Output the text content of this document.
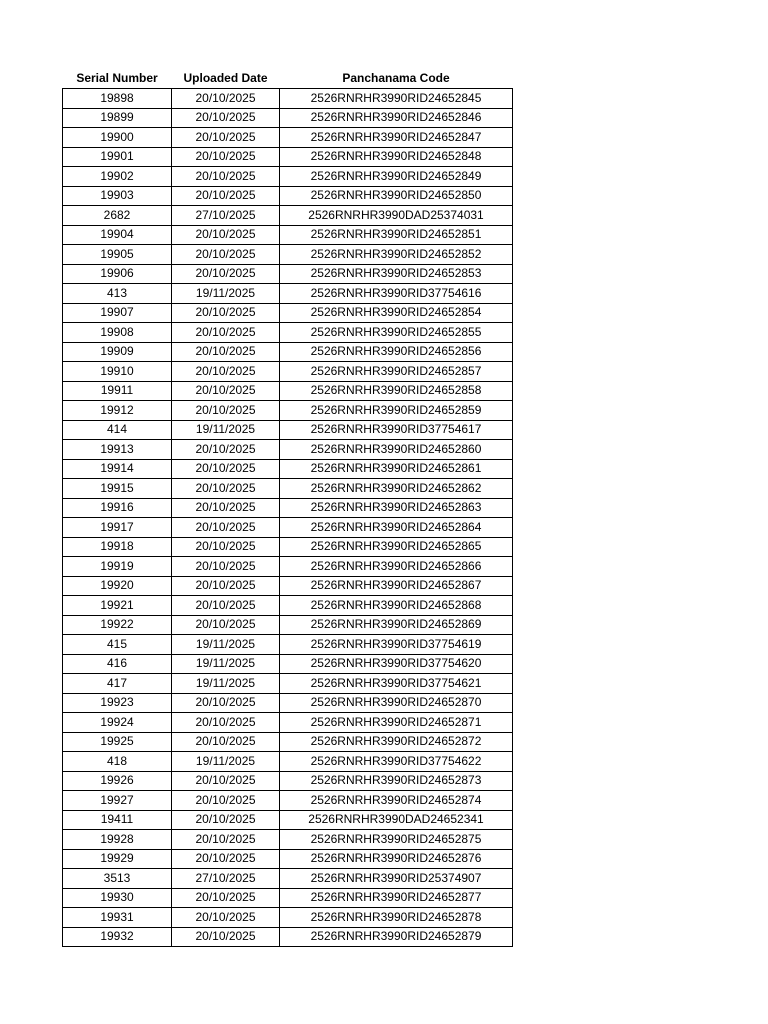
Serial Number	Uploaded Date	Panchanama Code
19898	20/10/2025	2526RNRHR3990RID24652845
19899	20/10/2025	2526RNRHR3990RID24652846
19900	20/10/2025	2526RNRHR3990RID24652847
19901	20/10/2025	2526RNRHR3990RID24652848
19902	20/10/2025	2526RNRHR3990RID24652849
19903	20/10/2025	2526RNRHR3990RID24652850
2682	27/10/2025	2526RNRHR3990DAD25374031
19904	20/10/2025	2526RNRHR3990RID24652851
19905	20/10/2025	2526RNRHR3990RID24652852
19906	20/10/2025	2526RNRHR3990RID24652853
413	19/11/2025	2526RNRHR3990RID37754616
19907	20/10/2025	2526RNRHR3990RID24652854
19908	20/10/2025	2526RNRHR3990RID24652855
19909	20/10/2025	2526RNRHR3990RID24652856
19910	20/10/2025	2526RNRHR3990RID24652857
19911	20/10/2025	2526RNRHR3990RID24652858
19912	20/10/2025	2526RNRHR3990RID24652859
414	19/11/2025	2526RNRHR3990RID37754617
19913	20/10/2025	2526RNRHR3990RID24652860
19914	20/10/2025	2526RNRHR3990RID24652861
19915	20/10/2025	2526RNRHR3990RID24652862
19916	20/10/2025	2526RNRHR3990RID24652863
19917	20/10/2025	2526RNRHR3990RID24652864
19918	20/10/2025	2526RNRHR3990RID24652865
19919	20/10/2025	2526RNRHR3990RID24652866
19920	20/10/2025	2526RNRHR3990RID24652867
19921	20/10/2025	2526RNRHR3990RID24652868
19922	20/10/2025	2526RNRHR3990RID24652869
415	19/11/2025	2526RNRHR3990RID37754619
416	19/11/2025	2526RNRHR3990RID37754620
417	19/11/2025	2526RNRHR3990RID37754621
19923	20/10/2025	2526RNRHR3990RID24652870
19924	20/10/2025	2526RNRHR3990RID24652871
19925	20/10/2025	2526RNRHR3990RID24652872
418	19/11/2025	2526RNRHR3990RID37754622
19926	20/10/2025	2526RNRHR3990RID24652873
19927	20/10/2025	2526RNRHR3990RID24652874
19411	20/10/2025	2526RNRHR3990DAD24652341
19928	20/10/2025	2526RNRHR3990RID24652875
19929	20/10/2025	2526RNRHR3990RID24652876
3513	27/10/2025	2526RNRHR3990RID25374907
19930	20/10/2025	2526RNRHR3990RID24652877
19931	20/10/2025	2526RNRHR3990RID24652878
19932	20/10/2025	2526RNRHR3990RID24652879
